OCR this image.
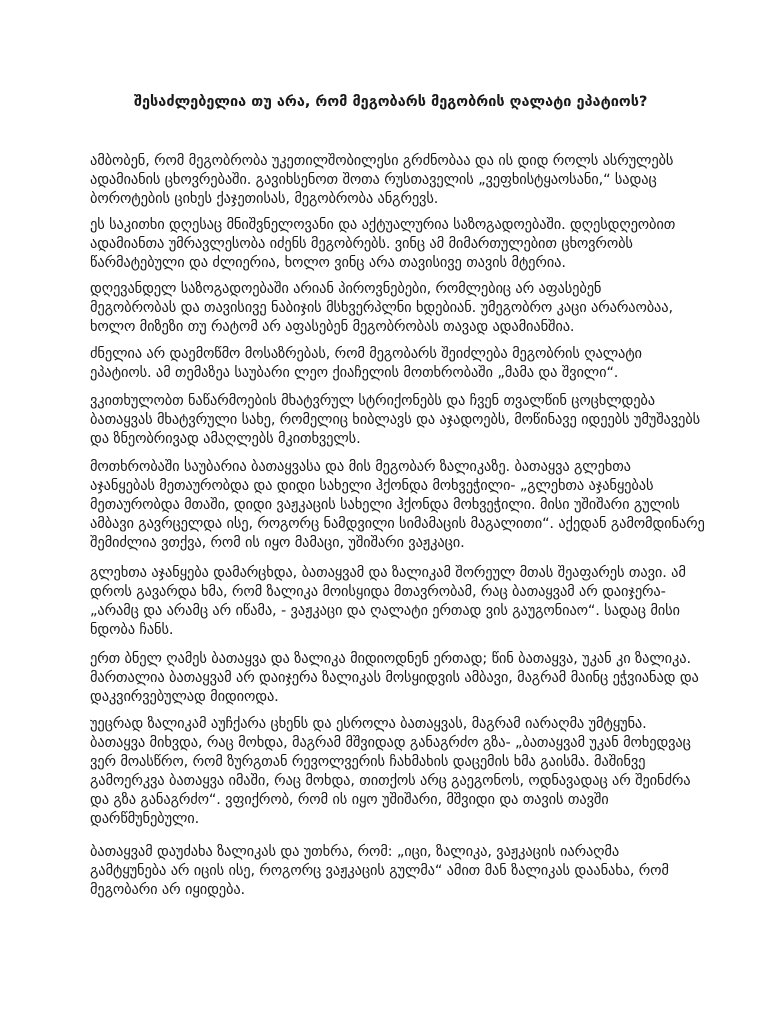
შესაძლებელია თუ არა, რომ მეგობარს მეგობრის ღალატი ეპატიოს?
ამბობენ, რომ მეგობრობა უკეთილშობილესი გრძნობაა და ის დიდ როლს ასრულებს
ადამიანის ცხოვრებაში. გავიხსენოთ შოთა რუსთაველის „ვეფხისტყაოსანი,“ სადაც
ბოროტების ციხეს ქაჯეთისას, მეგობრობა ანგრევს.
ეს საკითხი დღესაც მნიშვნელოვანი და აქტუალურია საზოგადოებაში. დღესდღეობით
ადამიანთა უმრავლესობა იძენს მეგობრებს. ვინც ამ მიმართულებით ცხოვრობს
წარმატებული და ძლიერია, ხოლო ვინც არა თავისივე თავის მტერია.
დღევანდელ საზოგადოებაში არიან პიროვნებები, რომლებიც არ აფასებენ
მეგობრობას და თავისივე ნაბიჯის მსხვერპლნი ხდებიან. უმეგობრო კაცი არარაობაა,
ხოლო მიზეზი თუ რატომ არ აფასებენ მეგობრობას თავად ადამიანშია.
ძნელია არ დაემოწმო მოსაზრებას, რომ მეგობარს შეიძლება მეგობრის ღალატი
ეპატიოს. ამ თემაზეა საუბარი ლეო ქიაჩელის მოთხრობაში „მამა და შვილი“.
ვკითხულობთ ნაწარმოების მხატვრულ სტრიქონებს და ჩვენ თვალწინ ცოცხლდება
ბათაყვას მხატვრული სახე, რომელიც ხიბლავს და აჯადოებს, მოწინავე იდეებს უმუშავებს
და ზნეობრივად ამაღლებს მკითხველს.
მოთხრობაში საუბარია ბათაყვასა და მის მეგობარ ზალიკაზე. ბათაყვა გლეხთა
აჯანყებას მეთაურობდა და დიდი სახელი ჰქონდა მოხვეჭილი- „გლეხთა აჯანყებას
მეთაურობდა მთაში, დიდი ვაჟკაცის სახელი ჰქონდა მოხვეჭილი. მისი უშიშარი გულის
ამბავი გავრცელდა ისე, როგორც ნამდვილი სიმამაცის მაგალითი“. აქედან გამომდინარე
შემიძლია ვთქვა, რომ ის იყო მამაცი, უშიშარი ვაჟკაცი.
გლეხთა აჯანყება დამარცხდა, ბათაყვამ და ზალიკამ შორეულ მთას შეაფარეს თავი. ამ
დროს გავარდა ხმა, რომ ზალიკა მოისყიდა მთავრობამ, რაც ბათაყვამ არ დაიჯერა-
„არამც და არამც არ იწამა, - ვაჟკაცი და ღალატი ერთად ვის გაუგონიაო“. სადაც მისი
ნდობა ჩანს.
ერთ ბნელ ღამეს ბათაყვა და ზალიკა მიდიოდნენ ერთად; წინ ბათაყვა, უკან კი ზალიკა.
მართალია ბათაყვამ არ დაიჯერა ზალიკას მოსყიდვის ამბავი, მაგრამ მაინც ეჭვიანად და
დაკვირვებულად მიდიოდა.
უეცრად ზალიკამ აუჩქარა ცხენს და ესროლა ბათაყვას, მაგრამ იარაღმა უმტყუნა.
ბათაყვა მიხვდა, რაც მოხდა, მაგრამ მშვიდად განაგრძო გზა- „ბათაყვამ უკან მოხედვაც
ვერ მოასწრო, რომ ზურგთან რევოლვერის ჩახმახის დაცემის ხმა გაისმა. მაშინვე
გამოერკვა ბათაყვა იმაში, რაც მოხდა, თითქოს არც გაეგონოს, ოდნავადაც არ შეინძრა
და გზა განაგრძო“. ვფიქრობ, რომ ის იყო უშიშარი, მშვიდი და თავის თავში
დარწმუნებული.
ბათაყვამ დაუძახა ზალიკას და უთხრა, რომ: „იცი, ზალიკა, ვაჟკაცის იარაღმა
გამტყუნება არ იცის ისე, როგორც ვაჟკაცის გულმა“ ამით მან ზალიკას დაანახა, რომ
მეგობარი არ იყიდება.
